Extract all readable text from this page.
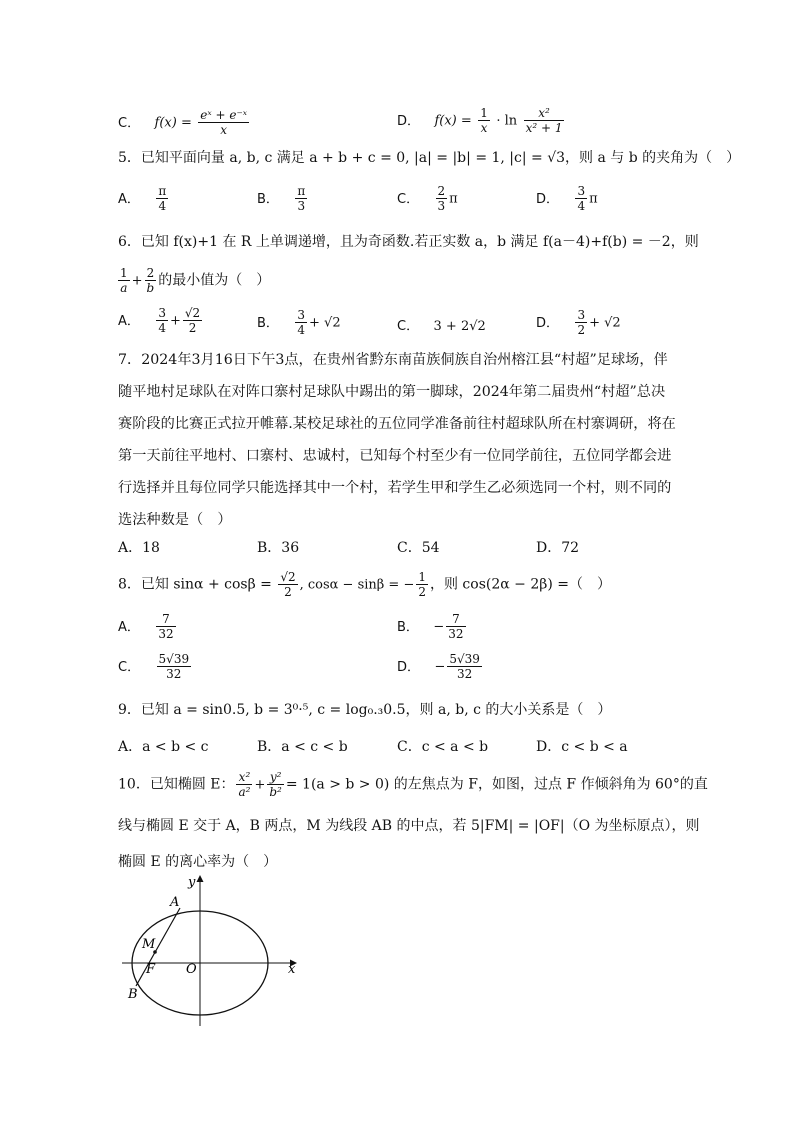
C． $f(x) = \frac{\text{eˣ + e⁻ˣ}}{x}$	D． $f(x) = \frac{1}{x} \cdot \ln \frac{\text{x²}}{\text{x² + 1}}$
5．已知平面向量 a, b, c 满足 a + b + c = 0, |a| = |b| = 1, |c| = √3，则 a 与 b 的夹角为（　）
A． $\frac{\pi}{4}$	B． $\frac{\pi}{3}$	C． $\frac{2}{3}$ π	D． $\frac{3}{4}$ π
6．已知 f(x)+1 在 R 上单调递增，且为奇函数.若正实数 a，b 满足 f(a－4)+f(b) = －2，则
$\frac{1}{a} + \frac{2}{b}$ 的最小值为（　）
A． $\frac{3}{4} + \frac{√2}{2}$	B． $\frac{3}{4} + √2$	C． 3 + 2√2	D． $\frac{3}{2} + √2$
7．2024年3月16日下午3点，在贵州省黔东南苗族侗族自治州榕江县“村超”足球场，伴随平地村足球队在对阵口寨村足球队中踢出的第一脚球，2024年第二届贵州“村超”总决赛阶段的比赛正式拉开帷幕.某校足球社的五位同学准备前往村超球队所在村寨调研，将在第一天前往平地村、口寨村、忠诚村，已知每个村至少有一位同学前往，五位同学都会进行选择并且每位同学只能选择其中一个村，若学生甲和学生乙必须选同一个村，则不同的选法种数是（　）
A．18	B．36	C．54	D．72
8．已知 $\sin\alpha + \cos\beta = \frac{√2}{2}$ , cosα − sinβ = − $\frac{1}{2}$ ，则 cos(2α − 2β) =（　）
A． $\frac{7}{32}$	B． − $\frac{7}{32}$
C． $\frac{5√39}{32}$	D． − $\frac{5√39}{32}$
9．已知 a = sin0.5, b = 3⁰·⁵, c = log₀.₃0.5，则 a, b, c 的大小关系是（　）
A．a < b < c	B．a < c < b	C．c < a < b	D．c < b < a
10．已知椭圆 E： $\frac{\text{x²}}{\text{a²}} + \frac{\text{y²}}{\text{b²}} = 1(a > b > 0)$ 的左焦点为 F，如图，过点 F 作倾斜角为 60°的直
线与椭圆 E 交于 A，B 两点，M 为线段 AB 的中点，若 5|FM| = |OF|（O 为坐标原点），则
椭圆 E 的离心率为（　）
x
y
O
A
B
M
F
